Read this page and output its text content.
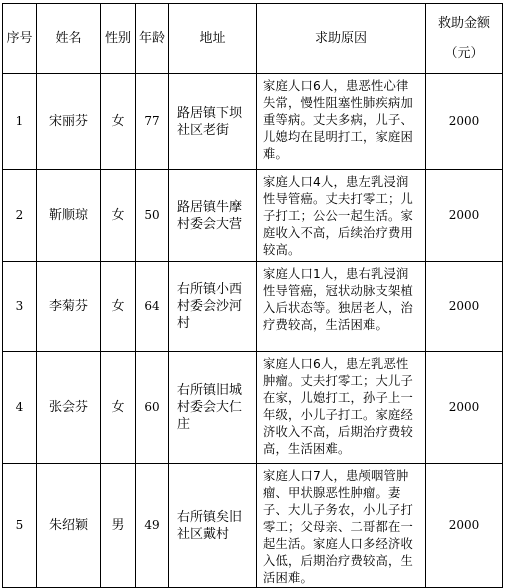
序号	姓名	性别	年龄	地址	求助原因	救助金额
（元）

1	宋丽芬	女	77	路居镇下坝社区老街	家庭人口6人，患恶性心律失常，慢性阻塞性肺疾病加重等病。丈夫多病，儿子、儿媳均在昆明打工，家庭困难。	2000
2	靳顺琼	女	50	路居镇牛摩村委会大营	家庭人口4人，患左乳浸润性导管癌。丈夫打零工；儿子打工；公公一起生活。家庭收入不高，后续治疗费用较高。	2000
3	李菊芬	女	64	右所镇小西村委会沙河村	家庭人口1人，患右乳浸润性导管癌，冠状动脉支架植入后状态等。独居老人，治疗费较高，生活困难。	2000
4	张会芬	女	60	右所镇旧城村委会大仁庄	家庭人口6人，患左乳恶性肿瘤。丈夫打零工；大儿子在家，儿媳打工，孙子上一年级，小儿子打工。家庭经济收入不高，后期治疗费较高，生活困难。	2000
5	朱绍颖	男	49	右所镇矣旧社区戴村	家庭人口7人，患颅咽管肿瘤、甲状腺恶性肿瘤。妻子、大儿子务农，小儿子打零工；父母亲、二哥都在一起生活。家庭人口多经济收入低，后期治疗费较高，生活困难。	2000
